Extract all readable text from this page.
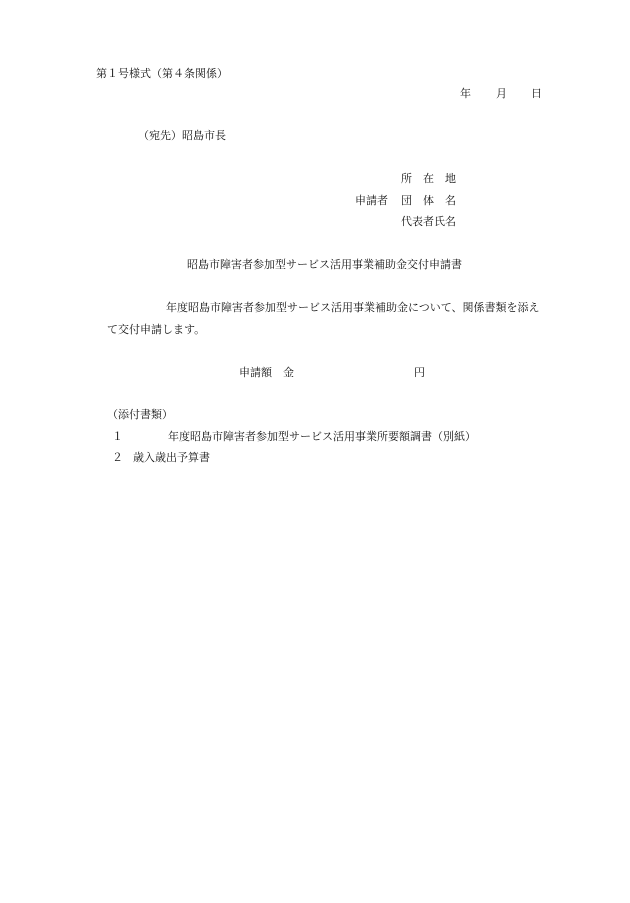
第１号様式（第４条関係）
年 月 日
（宛先）昭島市長
所　在　地
申請者 団　体　名
代表者氏名
昭島市障害者参加型サービス活用事業補助金交付申請書
年度昭島市障害者参加型サービス活用事業補助金について、関係書類を添え
て交付申請します。
申請額　金	円
（添付書類）
１	年度昭島市障害者参加型サービス活用事業所要額調書（別紙）
２ 歳入歳出予算書
